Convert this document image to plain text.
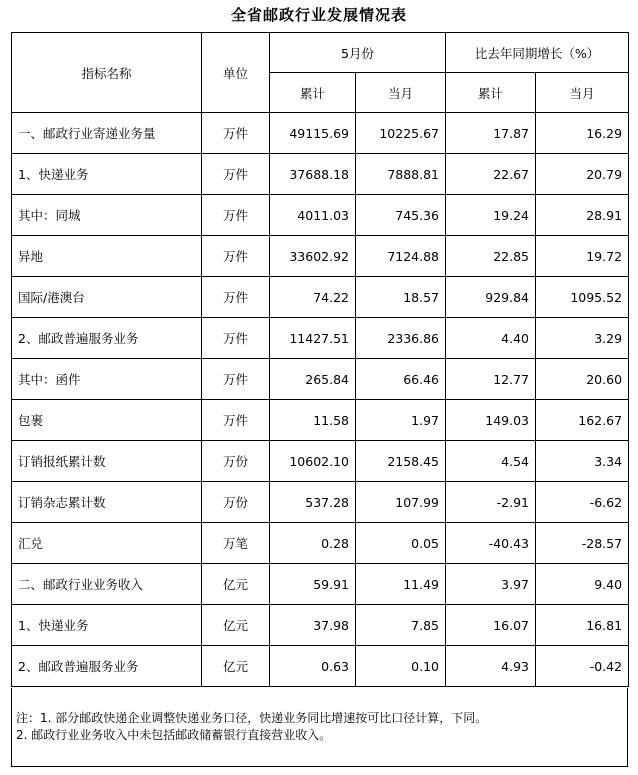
全省邮政行业发展情况表
指标名称	单位	5月份		比去年同期增长（%）	
		累计	当月	累计	当月
一、邮政行业寄递业务量	万件	49115.69	10225.67	17.87	16.29
1、快递业务	万件	37688.18	7888.81	22.67	20.79
其中：同城	万件	4011.03	745.36	19.24	28.91
异地	万件	33602.92	7124.88	22.85	19.72
国际/港澳台	万件	74.22	18.57	929.84	1095.52
2、邮政普遍服务业务	万件	11427.51	2336.86	4.40	3.29
其中：函件	万件	265.84	66.46	12.77	20.60
包裹	万件	11.58	1.97	149.03	162.67
订销报纸累计数	万份	10602.10	2158.45	4.54	3.34
订销杂志累计数	万份	537.28	107.99	-2.91	-6.62
汇兑	万笔	0.28	0.05	-40.43	-28.57
二、邮政行业业务收入	亿元	59.91	11.49	3.97	9.40
1、快递业务	亿元	37.98	7.85	16.07	16.81
2、邮政普遍服务业务	亿元	0.63	0.10	4.93	-0.42
注：1. 部分邮政快递企业调整快递业务口径，快递业务同比增速按可比口径计算，下同。
2. 邮政行业业务收入中未包括邮政储蓄银行直接营业收入。
